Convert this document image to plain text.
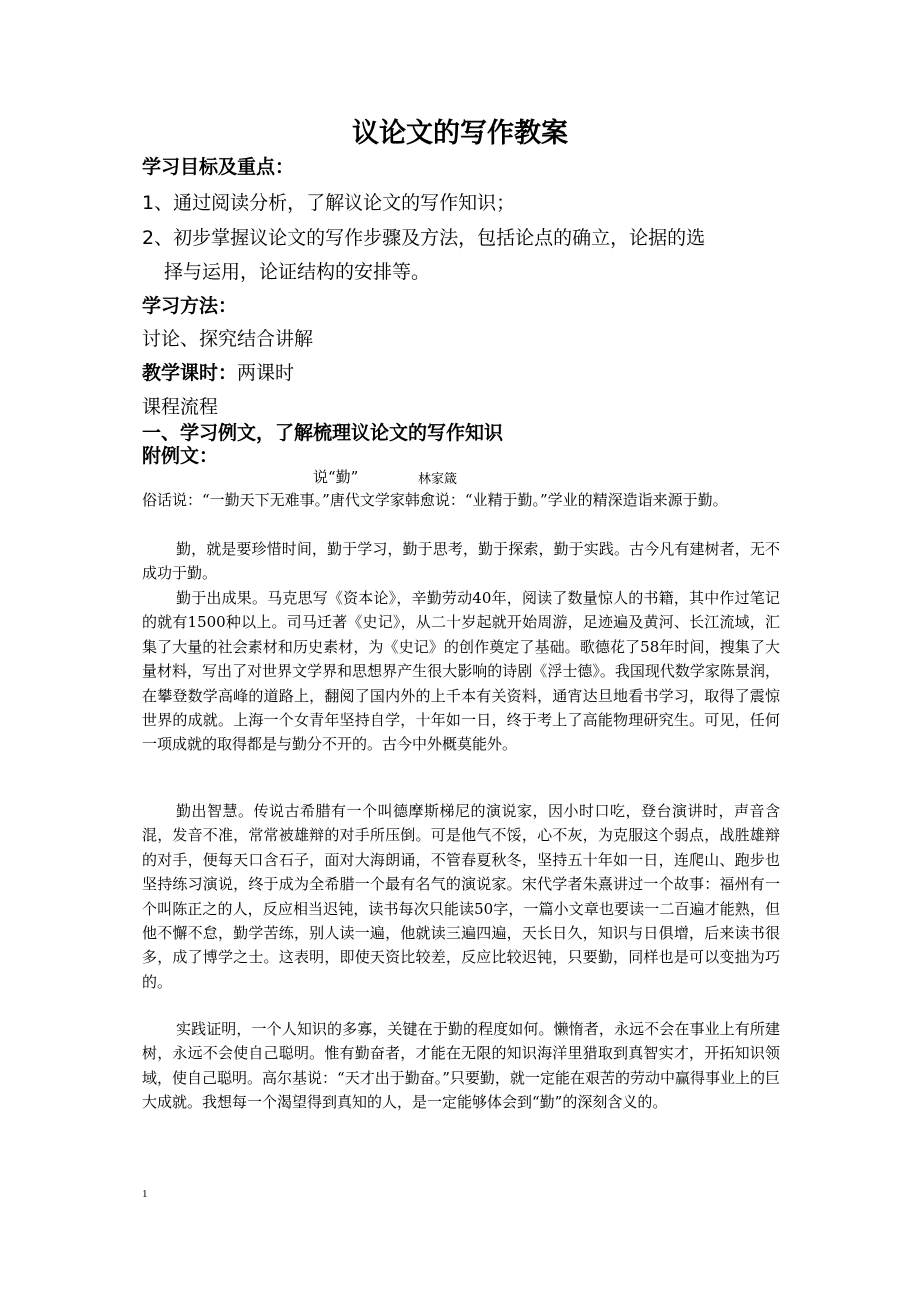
议论文的写作教案
学习目标及重点：
1、通过阅读分析，了解议论文的写作知识；
2、初步掌握议论文的写作步骤及方法，包括论点的确立，论据的选
择与运用，论证结构的安排等。
学习方法：
讨论、探究结合讲解
教学课时：两课时
课程流程
一、学习例文，了解梳理议论文的写作知识
附例文：
说“勤”	林家箴
俗话说：“一勤天下无难事。”唐代文学家韩愈说：“业精于勤。”学业的精深造诣来源于勤。
勤，就是要珍惜时间，勤于学习，勤于思考，勤于探索，勤于实践。古今凡有建树者，无不成功于勤。
勤于出成果。马克思写《资本论》，辛勤劳动40年，阅读了数量惊人的书籍，其中作过笔记的就有1500种以上。司马迁著《史记》，从二十岁起就开始周游，足迹遍及黄河、长江流域，汇集了大量的社会素材和历史素材，为《史记》的创作奠定了基础。歌德花了58年时间，搜集了大量材料，写出了对世界文学界和思想界产生很大影响的诗剧《浮士德》。我国现代数学家陈景润，在攀登数学高峰的道路上，翻阅了国内外的上千本有关资料，通宵达旦地看书学习，取得了震惊世界的成就。上海一个女青年坚持自学，十年如一日，终于考上了高能物理研究生。可见，任何一项成就的取得都是与勤分不开的。古今中外概莫能外。
勤出智慧。传说古希腊有一个叫德摩斯梯尼的演说家，因小时口吃，登台演讲时，声音含混，发音不准，常常被雄辩的对手所压倒。可是他气不馁，心不灰，为克服这个弱点，战胜雄辩的对手，便每天口含石子，面对大海朗诵，不管春夏秋冬，坚持五十年如一日，连爬山、跑步也坚持练习演说，终于成为全希腊一个最有名气的演说家。宋代学者朱熹讲过一个故事：福州有一个叫陈正之的人，反应相当迟钝，读书每次只能读50字，一篇小文章也要读一二百遍才能熟，但他不懈不怠，勤学苦练，别人读一遍，他就读三遍四遍，天长日久，知识与日俱增，后来读书很多，成了博学之士。这表明，即使天资比较差，反应比较迟钝，只要勤，同样也是可以变拙为巧的。
实践证明，一个人知识的多寡，关键在于勤的程度如何。懒惰者，永远不会在事业上有所建树，永远不会使自己聪明。惟有勤奋者，才能在无限的知识海洋里猎取到真智实才，开拓知识领域，使自己聪明。高尔基说：“天才出于勤奋。”只要勤，就一定能在艰苦的劳动中赢得事业上的巨大成就。我想每一个渴望得到真知的人，是一定能够体会到“勤”的深刻含义的。
1
